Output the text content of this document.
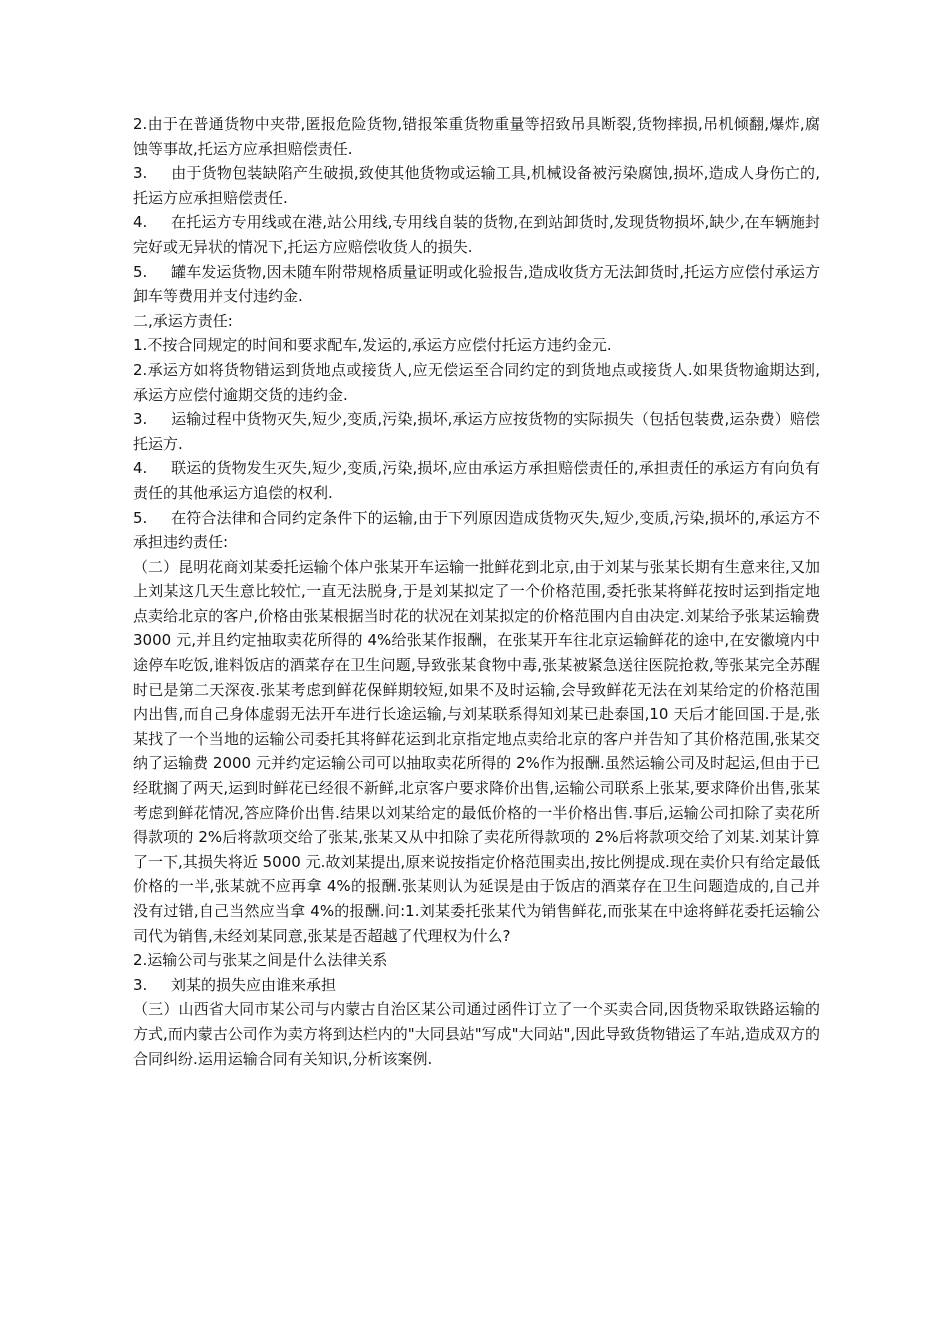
2.由于在普通货物中夹带,匿报危险货物,错报笨重货物重量等招致吊具断裂,货物摔损,吊机倾翻,爆炸,腐蚀等事故,托运方应承担赔偿责任.

3. 由于货物包装缺陷产生破损,致使其他货物或运输工具,机械设备被污染腐蚀,损坏,造成人身伤亡的,托运方应承担赔偿责任.

4. 在托运方专用线或在港,站公用线,专用线自装的货物,在到站卸货时,发现货物损坏,缺少,在车辆施封完好或无异状的情况下,托运方应赔偿收货人的损失.

5. 罐车发运货物,因未随车附带规格质量证明或化验报告,造成收货方无法卸货时,托运方应偿付承运方卸车等费用并支付违约金.

二,承运方责任:

1.不按合同规定的时间和要求配车,发运的,承运方应偿付托运方违约金元.

2.承运方如将货物错运到货地点或接货人,应无偿运至合同约定的到货地点或接货人.如果货物逾期达到,承运方应偿付逾期交货的违约金.

3. 运输过程中货物灭失,短少,变质,污染,损坏,承运方应按货物的实际损失（包括包装费,运杂费）赔偿托运方.

4. 联运的货物发生灭失,短少,变质,污染,损坏,应由承运方承担赔偿责任的,承担责任的承运方有向负有责任的其他承运方追偿的权利.

5. 在符合法律和合同约定条件下的运输,由于下列原因造成货物灭失,短少,变质,污染,损坏的,承运方不承担违约责任:

（二）昆明花商刘某委托运输个体户张某开车运输一批鲜花到北京,由于刘某与张某长期有生意来往,又加上刘某这几天生意比较忙,一直无法脱身,于是刘某拟定了一个价格范围,委托张某将鲜花按时运到指定地点卖给北京的客户,价格由张某根据当时花的状况在刘某拟定的价格范围内自由决定.刘某给予张某运输费 3000 元,并且约定抽取卖花所得的 4%给张某作报酬，在张某开车往北京运输鲜花的途中,在安徽境内中途停车吃饭,谁料饭店的酒菜存在卫生问题,导致张某食物中毒,张某被紧急送往医院抢救,等张某完全苏醒时已是第二天深夜.张某考虑到鲜花保鲜期较短,如果不及时运输,会导致鲜花无法在刘某给定的价格范围内出售,而自己身体虚弱无法开车进行长途运输,与刘某联系得知刘某已赴泰国,10 天后才能回国.于是,张某找了一个当地的运输公司委托其将鲜花运到北京指定地点卖给北京的客户并告知了其价格范围,张某交纳了运输费 2000 元并约定运输公司可以抽取卖花所得的 2%作为报酬.虽然运输公司及时起运,但由于已经耽搁了两天,运到时鲜花已经很不新鲜,北京客户要求降价出售,运输公司联系上张某,要求降价出售,张某考虑到鲜花情况,答应降价出售.结果以刘某给定的最低价格的一半价格出售.事后,运输公司扣除了卖花所得款项的 2%后将款项交给了张某,张某又从中扣除了卖花所得款项的 2%后将款项交给了刘某.刘某计算了一下,其损失将近 5000 元.故刘某提出,原来说按指定价格范围卖出,按比例提成.现在卖价只有给定最低价格的一半,张某就不应再拿 4%的报酬.张某则认为延误是由于饭店的酒菜存在卫生问题造成的,自己并没有过错,自己当然应当拿 4%的报酬.问:1.刘某委托张某代为销售鲜花,而张某在中途将鲜花委托运输公司代为销售,未经刘某同意,张某是否超越了代理权为什么?

2.运输公司与张某之间是什么法律关系

3. 刘某的损失应由谁来承担

（三）山西省大同市某公司与内蒙古自治区某公司通过函件订立了一个买卖合同,因货物采取铁路运输的方式,而内蒙古公司作为卖方将到达栏内的"大同县站"写成"大同站",因此导致货物错运了车站,造成双方的合同纠纷.运用运输合同有关知识,分析该案例.
